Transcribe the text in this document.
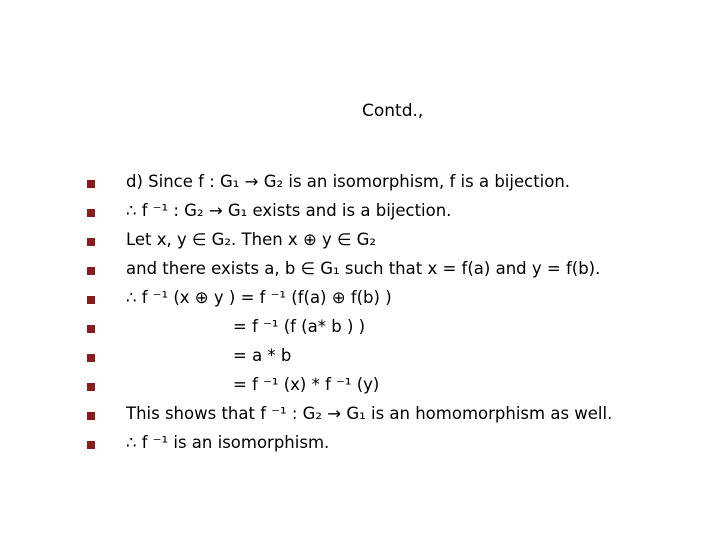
Contd.,
d) Since f : G₁ → G₂ is an isomorphism, f is a bijection.
∴ f ⁻¹ : G₂ → G₁ exists and is a bijection.
Let x, y ∈ G₂. Then x ⊕ y ∈ G₂
and there exists a, b ∈ G₁ such that x = f(a) and y = f(b).
∴ f ⁻¹ (x ⊕ y ) = f ⁻¹ (f(a) ⊕ f(b) )
= f ⁻¹ (f (a* b ) )
= a * b
= f ⁻¹ (x) * f ⁻¹ (y)
This shows that f ⁻¹ : G₂ → G₁ is an homomorphism as well.
∴ f ⁻¹ is an isomorphism.
